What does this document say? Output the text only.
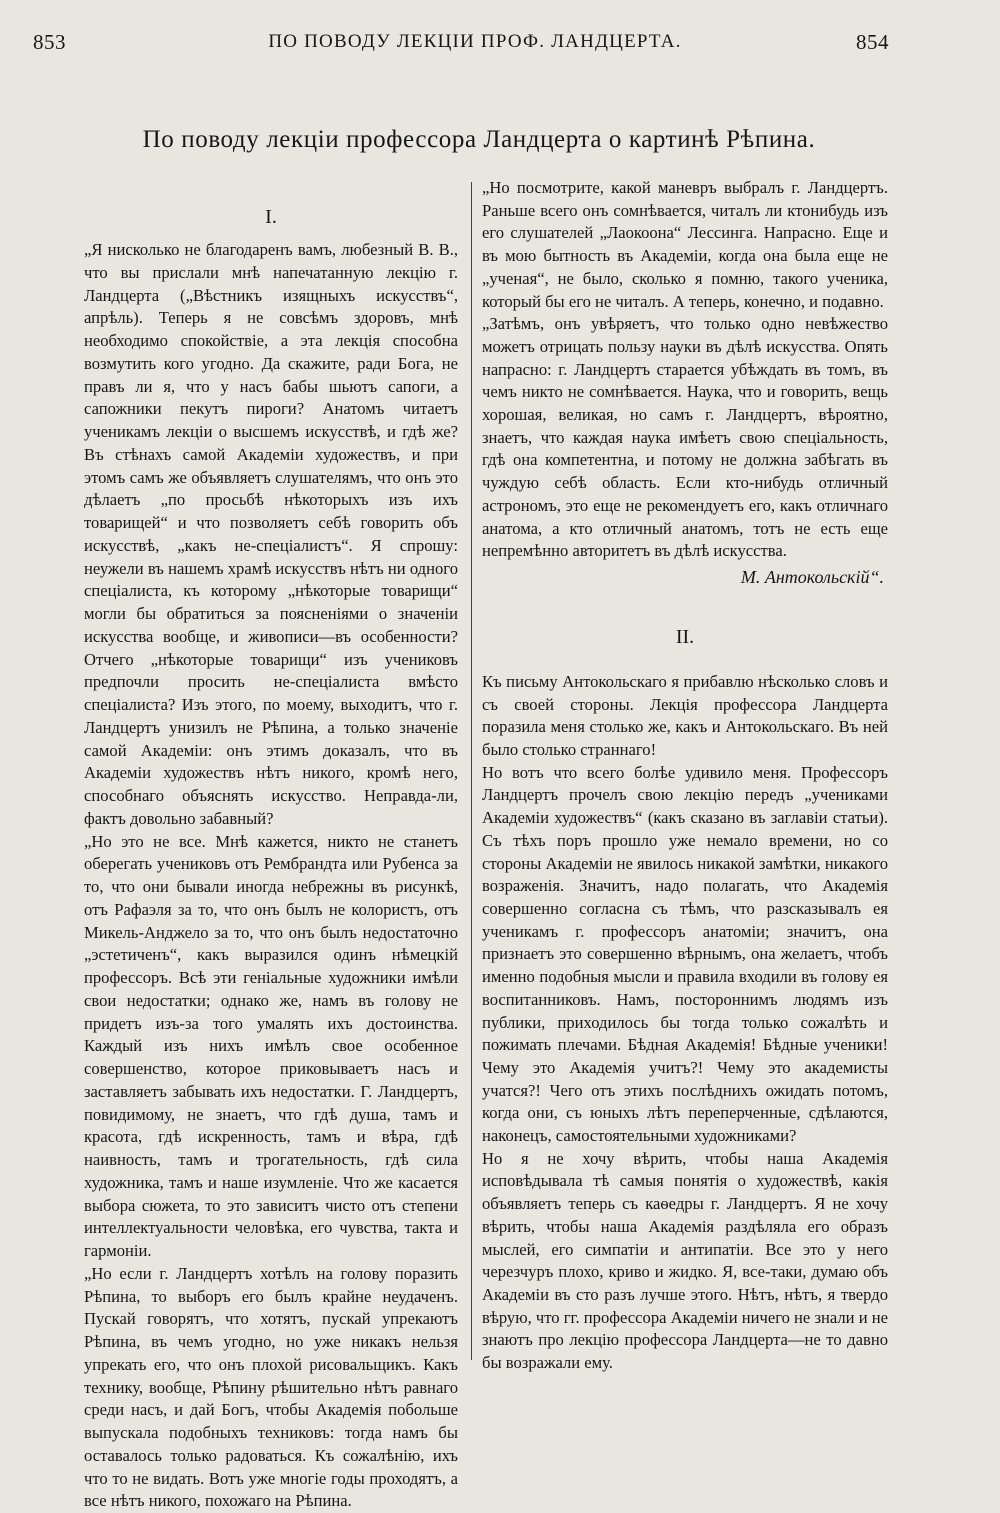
853	ПО ПОВОДУ ЛЕКЦІИ ПРОФ. ЛАНДЦЕРТА.	854
По поводу лекціи профессора Ландцерта о картинѣ Рѣпина.
I.

„Я нисколько не благодаренъ вамъ, любезный В. В., что вы прислали мнѣ напечатанную лекцію г. Ландцерта („Вѣстникъ изящныхъ искусствъ“, апрѣль). Теперь я не совсѣмъ здоровъ, мнѣ необходимо спокойствіе, а эта лекція способна возмутить кого угодно. Да скажите, ради Бога, не правъ ли я, что у насъ бабы шьютъ сапоги, а сапожники пекутъ пироги? Анатомъ читаетъ ученикамъ лекціи о высшемъ искусствѣ, и гдѣ же? Въ стѣнахъ самой Академіи художествъ, и при этомъ самъ же объявляетъ слушателямъ, что онъ это дѣлаетъ „по просьбѣ нѣкоторыхъ изъ ихъ товарищей“ и что позволяетъ себѣ говорить объ искусствѣ, „какъ не-спеціалистъ“. Я спрошу: неужели въ нашемъ храмѣ искусствъ нѣтъ ни одного спеціалиста, къ которому „нѣкоторые товарищи“ могли бы обратиться за поясненіями о значеніи искусства вообще, и живописи—въ особенности? Отчего „нѣкоторые товарищи“ изъ учениковъ предпочли просить не-спеціалиста вмѣсто спеціалиста? Изъ этого, по моему, выходитъ, что г. Ландцертъ унизилъ не Рѣпина, а только значеніе самой Академіи: онъ этимъ доказалъ, что въ Академіи художествъ нѣтъ никого, кромѣ него, способнаго объяснять искусство. Неправда-ли, фактъ довольно забавный?

„Но это не все. Мнѣ кажется, никто не станетъ оберегать учениковъ отъ Рембрандта или Рубенса за то, что они бывали иногда небрежны въ рисункѣ, отъ Рафаэля за то, что онъ былъ не колористъ, отъ Микель-Анджело за то, что онъ былъ недостаточно „эстетиченъ“, какъ выразился одинъ нѣмецкій профессоръ. Всѣ эти геніальные художники имѣли свои недостатки; однако же, намъ въ голову не придетъ изъ-за того умалять ихъ достоинства. Каждый изъ нихъ имѣлъ свое особенное совершенство, которое приковываетъ насъ и заставляетъ забывать ихъ недостатки. Г. Ландцертъ, повидимому, не знаетъ, что гдѣ душа, тамъ и красота, гдѣ искренность, тамъ и вѣра, гдѣ наивность, тамъ и трогательность, гдѣ сила художника, тамъ и наше изумленіе. Что же касается выбора сюжета, то это зависитъ чисто отъ степени интеллектуальности человѣка, его чувства, такта и гармоніи.

„Но если г. Ландцертъ хотѣлъ на голову поразить Рѣпина, то выборъ его былъ крайне неудаченъ. Пускай говорятъ, что хотятъ, пускай упрекаютъ Рѣпина, въ чемъ угодно, но уже никакъ нельзя упрекать его, что онъ плохой рисовальщикъ. Какъ технику, вообще, Рѣпину рѣшительно нѣтъ равнаго среди насъ, и дай Богъ, чтобы Академія побольше выпускала подобныхъ техниковъ: тогда намъ бы оставалось только радоваться. Къ сожалѣнію, ихъ что то не видать. Вотъ уже многіе годы проходятъ, а все нѣтъ никого, похожаго на Рѣпина.

„Но посмотрите, какой маневръ выбралъ г. Ландцертъ. Раньше всего онъ сомнѣвается, читалъ ли ктонибудь изъ его слушателей „Лаокоона“ Лессинга. Напрасно. Еще и въ мою бытность въ Академіи, когда она была еще не „ученая“, не было, сколько я помню, такого ученика, который бы его не читалъ. А теперь, конечно, и подавно.

„Затѣмъ, онъ увѣряетъ, что только одно невѣжество можетъ отрицать пользу науки въ дѣлѣ искусства. Опять напрасно: г. Ландцертъ старается убѣждать въ томъ, въ чемъ никто не сомнѣвается. Наука, что и говорить, вещь хорошая, великая, но самъ г. Ландцертъ, вѣроятно, знаетъ, что каждая наука имѣетъ свою спеціальность, гдѣ она компетентна, и потому не должна забѣгать въ чуждую себѣ область. Если кто-нибудь отличный астрономъ, это еще не рекомендуетъ его, какъ отличнаго анатома, а кто отличный анатомъ, тотъ не есть еще непремѣнно авторитетъ въ дѣлѣ искусства.

М. Антокольскій“.
II.

Къ письму Антокольскаго я прибавлю нѣсколько словъ и съ своей стороны. Лекція профессора Ландцерта поразила меня столько же, какъ и Антокольскаго. Въ ней было столько страннаго!

Но вотъ что всего болѣе удивило меня. Профессоръ Ландцертъ прочелъ свою лекцію передъ „учениками Академіи художествъ“ (какъ сказано въ заглавіи статьи). Съ тѣхъ поръ прошло уже немало времени, но со стороны Академіи не явилось никакой замѣтки, никакого возраженія. Значитъ, надо полагать, что Академія совершенно согласна съ тѣмъ, что разсказывалъ ея ученикамъ г. профессоръ анатоміи; значитъ, она признаетъ это совершенно вѣрнымъ, она желаетъ, чтобъ именно подобныя мысли и правила входили въ голову ея воспитанниковъ. Намъ, постороннимъ людямъ изъ публики, приходилось бы тогда только сожалѣть и пожимать плечами. Бѣдная Академія! Бѣдные ученики! Чему это Академія учитъ?! Чему это академисты учатся?! Чего отъ этихъ послѣднихъ ожидать потомъ, когда они, съ юныхъ лѣтъ переперченные, сдѣлаются, наконецъ, самостоятельными художниками?

Но я не хочу вѣрить, чтобы наша Академія исповѣдывала тѣ самыя понятія о художествѣ, какія объявляетъ теперь съ каѳедры г. Ландцертъ. Я не хочу вѣрить, чтобы наша Академія раздѣляла его образъ мыслей, его симпатіи и антипатіи. Все это у него черезчуръ плохо, криво и жидко. Я, все-таки, думаю объ Академіи въ сто разъ лучше этого. Нѣтъ, нѣтъ, я твердо вѣрую, что гг. профессора Академіи ничего не знали и не знаютъ про лекцію профессора Ландцерта—не то давно бы возражали ему.
